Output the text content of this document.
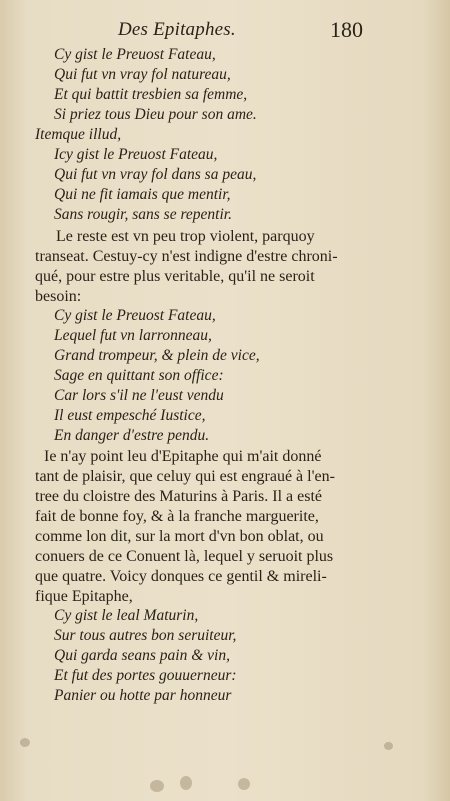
Des Epitaphes.	180
Cy gist le Preuost Fateau,
Qui fut vn vray fol natureau,
Et qui battit tresbien sa femme,
Si priez tous Dieu pour son ame.
Itemque illud,
Icy gist le Preuost Fateau,
Qui fut vn vray fol dans sa peau,
Qui ne fit iamais que mentir,
Sans rougir, sans se repentir.
Le reste est vn peu trop violent, parquoy
transeat. Cestuy-cy n'est indigne d'estre chroni-
qué, pour estre plus veritable, qu'il ne seroit
besoin:
Cy gist le Preuost Fateau,
Lequel fut vn larronneau,
Grand trompeur, & plein de vice,
Sage en quittant son office:
Car lors s'il ne l'eust vendu
Il eust empesché Iustice,
En danger d'estre pendu.
Ie n'ay point leu d'Epitaphe qui m'ait donné
tant de plaisir, que celuy qui est engraué à l'en-
tree du cloistre des Maturins à Paris. Il a esté
fait de bonne foy, & à la franche marguerite,
comme lon dit, sur la mort d'vn bon oblat, ou
conuers de ce Conuent là, lequel y seruoit plus
que quatre. Voicy donques ce gentil & mireli-
fique Epitaphe,
Cy gist le leal Maturin,
Sur tous autres bon seruiteur,
Qui garda seans pain & vin,
Et fut des portes gouuerneur:
Panier ou hotte par honneur
